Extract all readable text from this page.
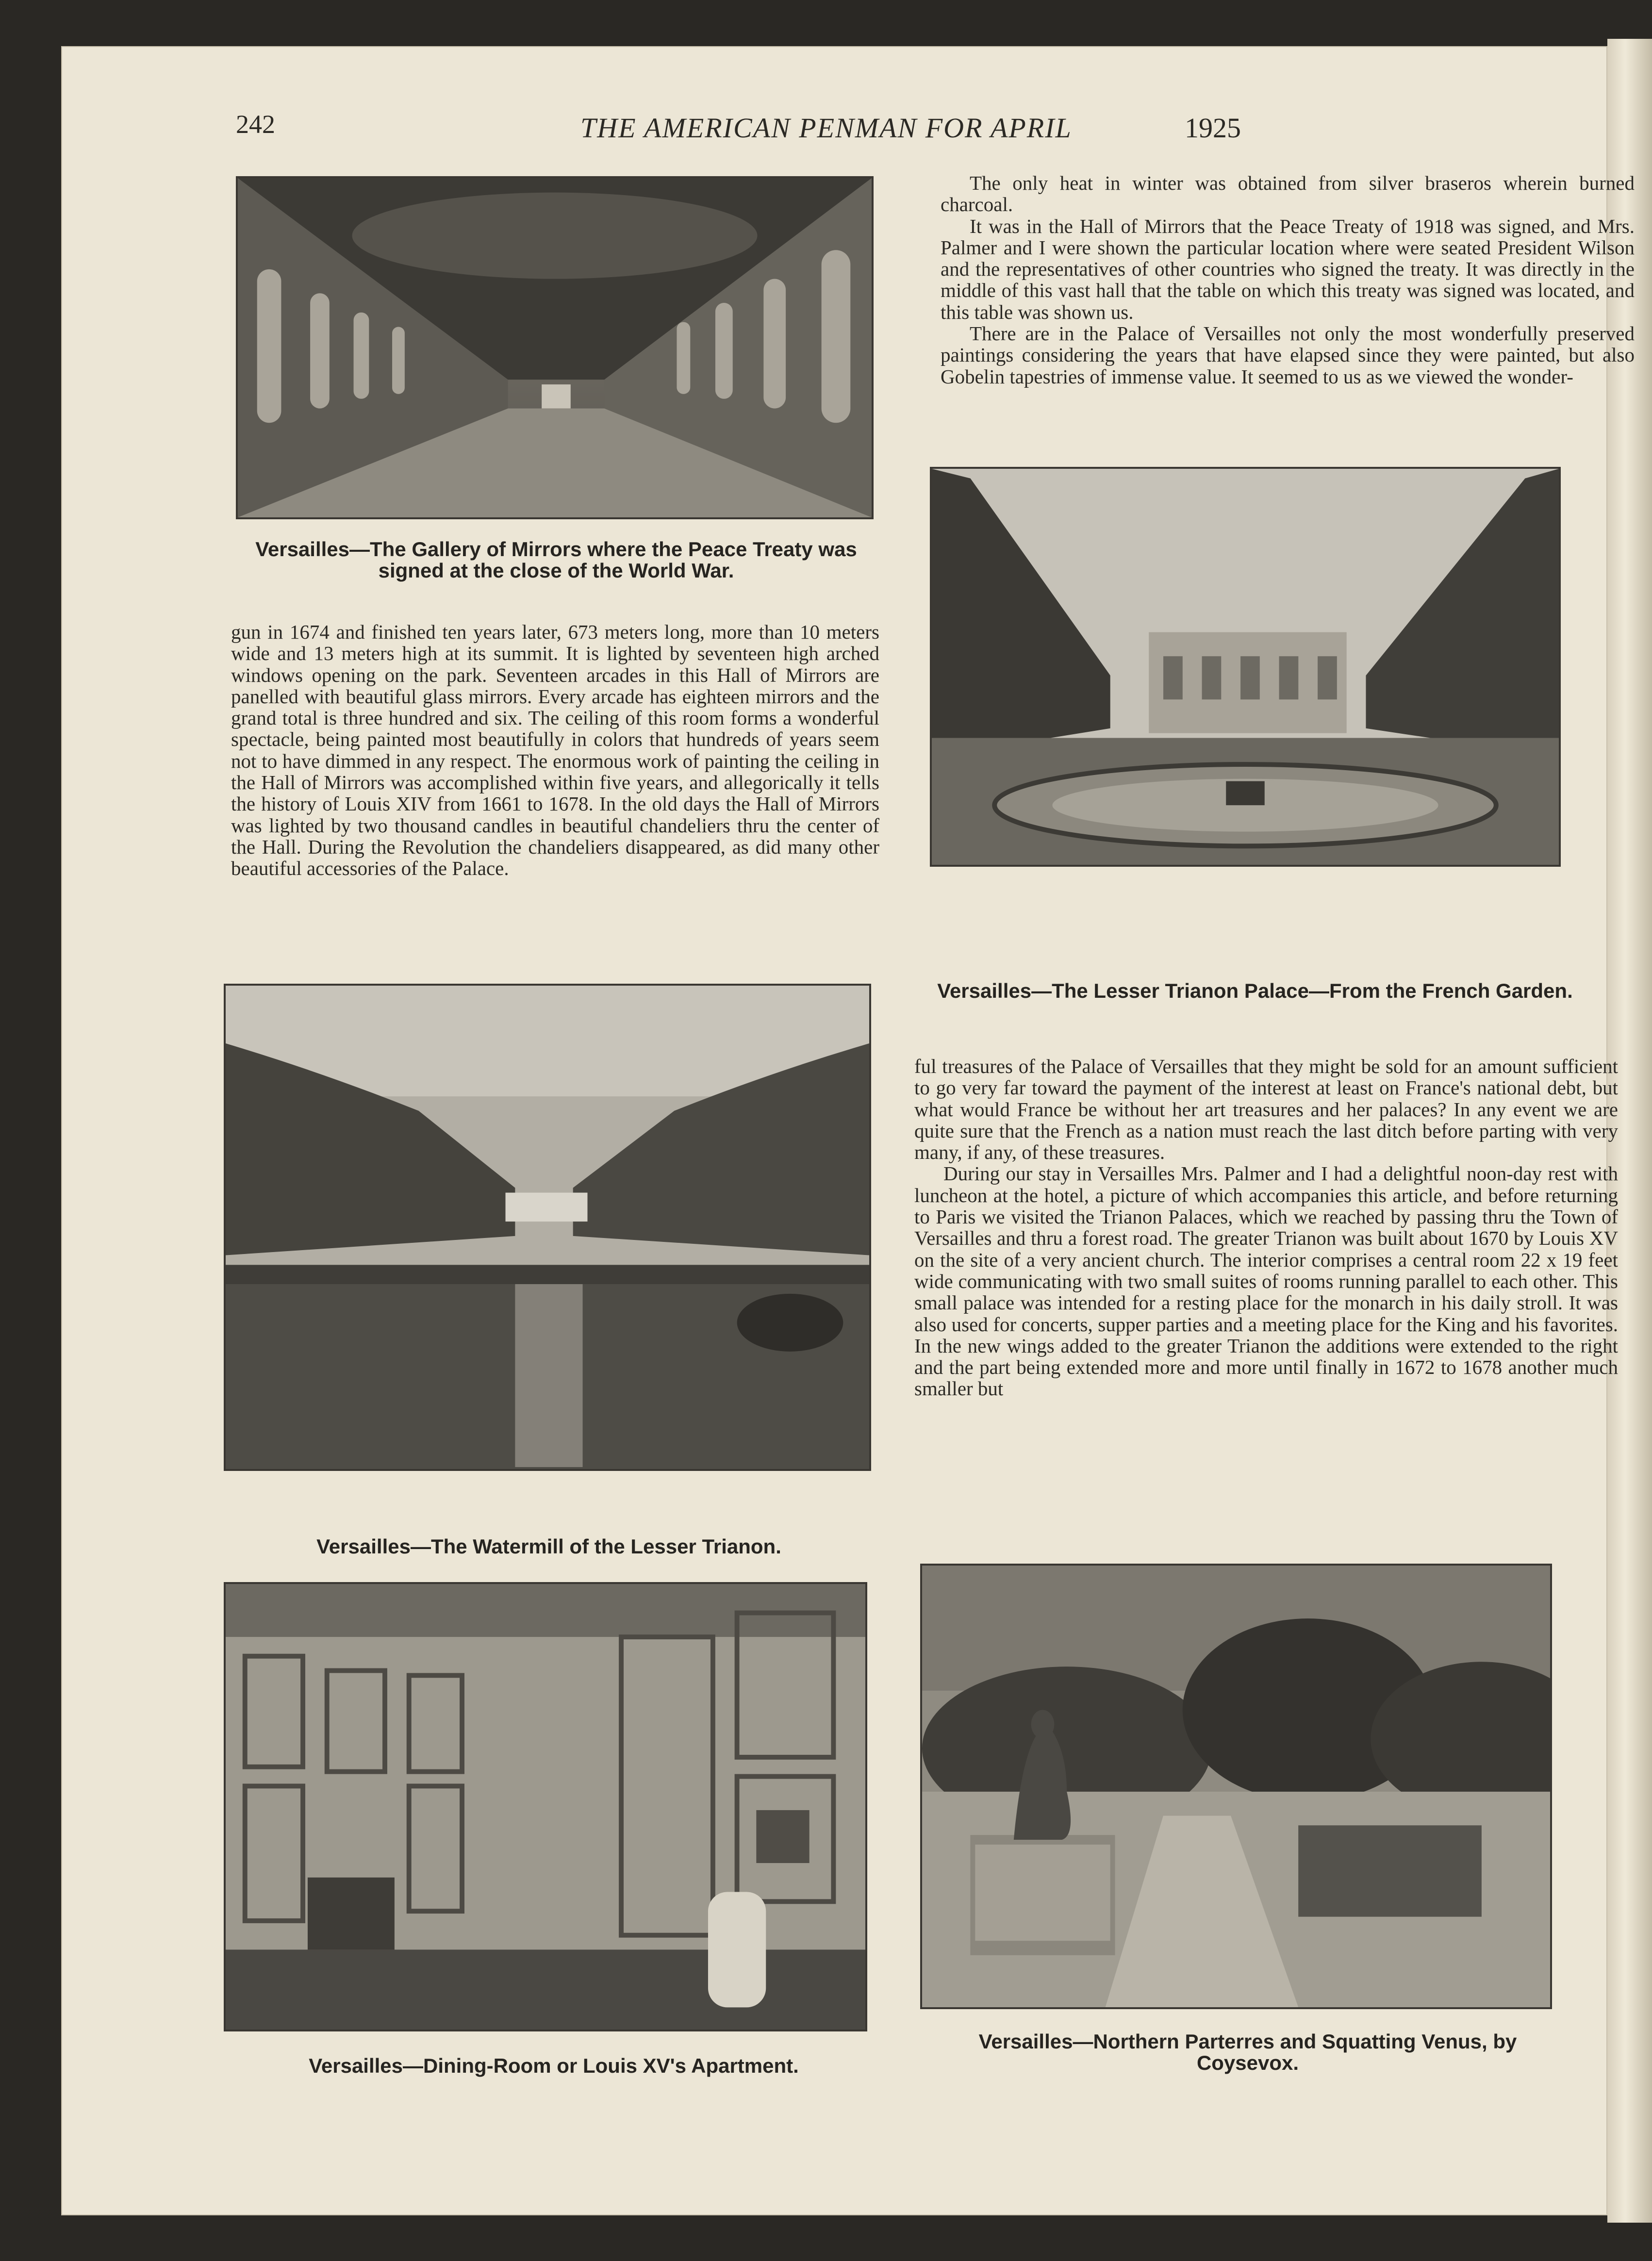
242	THE AMERICAN PENMAN FOR APRIL	1925
Versailles—The Gallery of Mirrors where the Peace Treaty was signed at the close of the World War.

gun in 1674 and finished ten years later, 673 meters long, more than 10 meters wide and 13 meters high at its summit. It is lighted by seventeen high arched windows opening on the park. Seventeen arcades in this Hall of Mirrors are panelled with beautiful glass mirrors. Every arcade has eighteen mirrors and the grand total is three hundred and six. The ceiling of this room forms a wonderful spectacle, being painted most beautifully in colors that hundreds of years seem not to have dimmed in any respect. The enormous work of painting the ceiling in the Hall of Mirrors was accomplished within five years, and allegorically it tells the history of Louis XIV from 1661 to 1678. In the old days the Hall of Mirrors was lighted by two thousand candles in beautiful chandeliers thru the center of the Hall. During the Revolution the chandeliers disappeared, as did many other beautiful accessories of the Palace.

Versailles—The Watermill of the Lesser Trianon.
Versailles—Dining-Room or Louis XV's Apartment.

The only heat in winter was obtained from silver braseros wherein burned charcoal.

It was in the Hall of Mirrors that the Peace Treaty of 1918 was signed, and Mrs. Palmer and I were shown the particular location where were seated President Wilson and the representatives of other countries who signed the treaty. It was directly in the middle of this vast hall that the table on which this treaty was signed was located, and this table was shown us.

There are in the Palace of Versailles not only the most wonderfully preserved paintings considering the years that have elapsed since they were painted, but also Gobelin tapestries of immense value. It seemed to us as we viewed the wonder-

Versailles—The Lesser Trianon Palace—From the French Garden.

ful treasures of the Palace of Versailles that they might be sold for an amount sufficient to go very far toward the payment of the interest at least on France's national debt, but what would France be without her art treasures and her palaces? In any event we are quite sure that the French as a nation must reach the last ditch before parting with very many, if any, of these treasures.

During our stay in Versailles Mrs. Palmer and I had a delightful noon-day rest with luncheon at the hotel, a picture of which accompanies this article, and before returning to Paris we visited the Trianon Palaces, which we reached by passing thru the Town of Versailles and thru a forest road. The greater Trianon was built about 1670 by Louis XV on the site of a very ancient church. The interior comprises a central room 22 x 19 feet wide communicating with two small suites of rooms running parallel to each other. This small palace was intended for a resting place for the monarch in his daily stroll. It was also used for concerts, supper parties and a meeting place for the King and his favorites. In the new wings added to the greater Trianon the additions were extended to the right and the part being extended more and more until finally in 1672 to 1678 another much smaller but

Versailles—Northern Parterres and Squatting Venus, by Coysevox.
